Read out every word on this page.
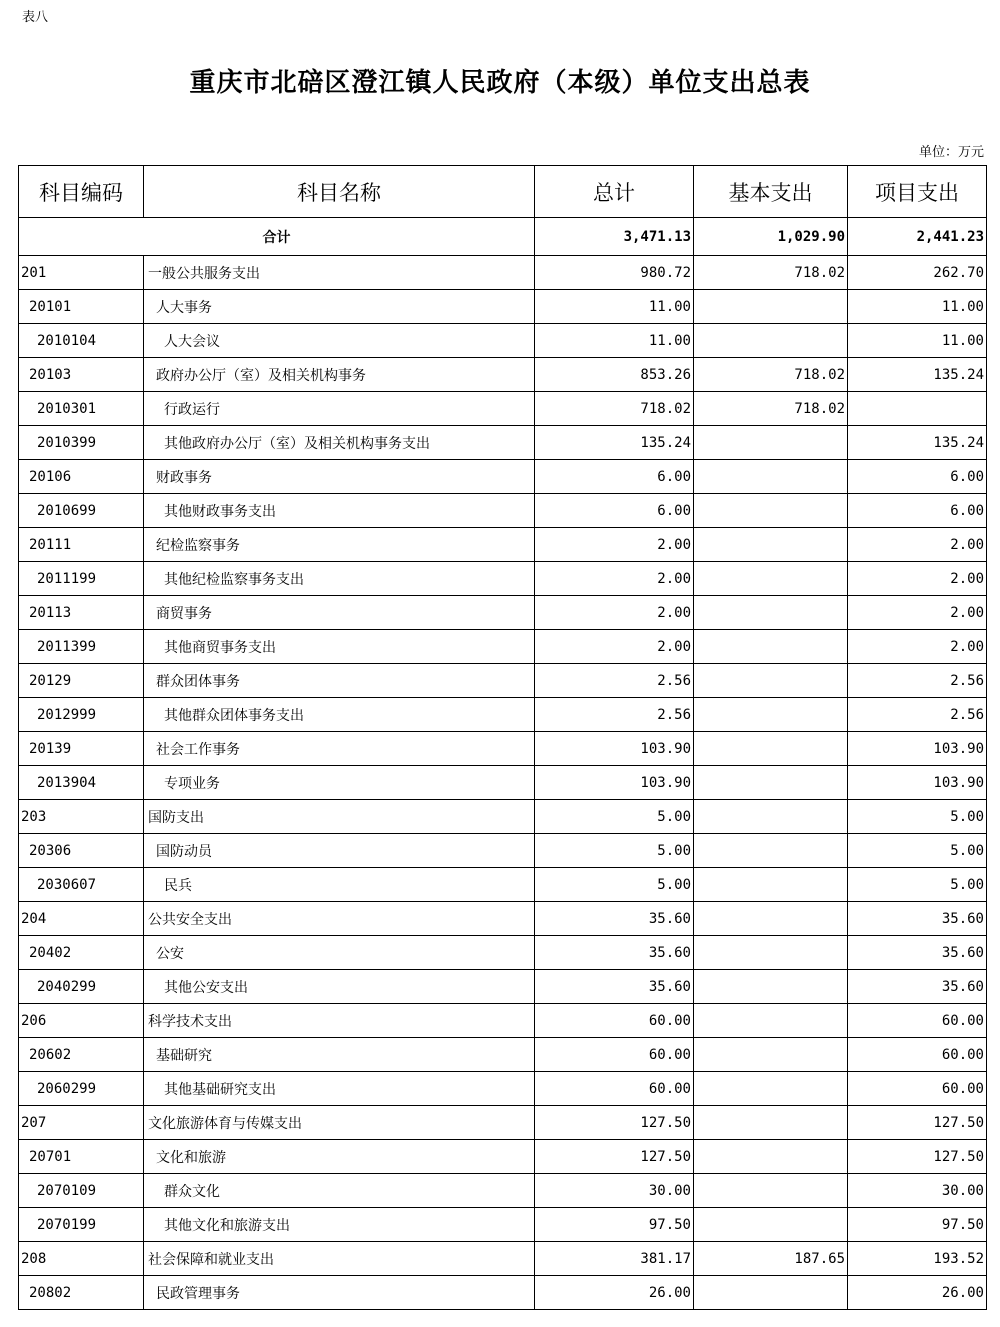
表八
重庆市北碚区澄江镇人民政府（本级）单位支出总表
单位：万元
科目编码	科目名称	总计	基本支出	项目支出
合计		3,471.13	1,029.90	2,441.23
201	一般公共服务支出	980.72	718.02	262.70
20101	人大事务	11.00		11.00
2010104	人大会议	11.00		11.00
20103	政府办公厅（室）及相关机构事务	853.26	718.02	135.24
2010301	行政运行	718.02	718.02	
2010399	其他政府办公厅（室）及相关机构事务支出	135.24		135.24
20106	财政事务	6.00		6.00
2010699	其他财政事务支出	6.00		6.00
20111	纪检监察事务	2.00		2.00
2011199	其他纪检监察事务支出	2.00		2.00
20113	商贸事务	2.00		2.00
2011399	其他商贸事务支出	2.00		2.00
20129	群众团体事务	2.56		2.56
2012999	其他群众团体事务支出	2.56		2.56
20139	社会工作事务	103.90		103.90
2013904	专项业务	103.90		103.90
203	国防支出	5.00		5.00
20306	国防动员	5.00		5.00
2030607	民兵	5.00		5.00
204	公共安全支出	35.60		35.60
20402	公安	35.60		35.60
2040299	其他公安支出	35.60		35.60
206	科学技术支出	60.00		60.00
20602	基础研究	60.00		60.00
2060299	其他基础研究支出	60.00		60.00
207	文化旅游体育与传媒支出	127.50		127.50
20701	文化和旅游	127.50		127.50
2070109	群众文化	30.00		30.00
2070199	其他文化和旅游支出	97.50		97.50
208	社会保障和就业支出	381.17	187.65	193.52
20802	民政管理事务	26.00		26.00
